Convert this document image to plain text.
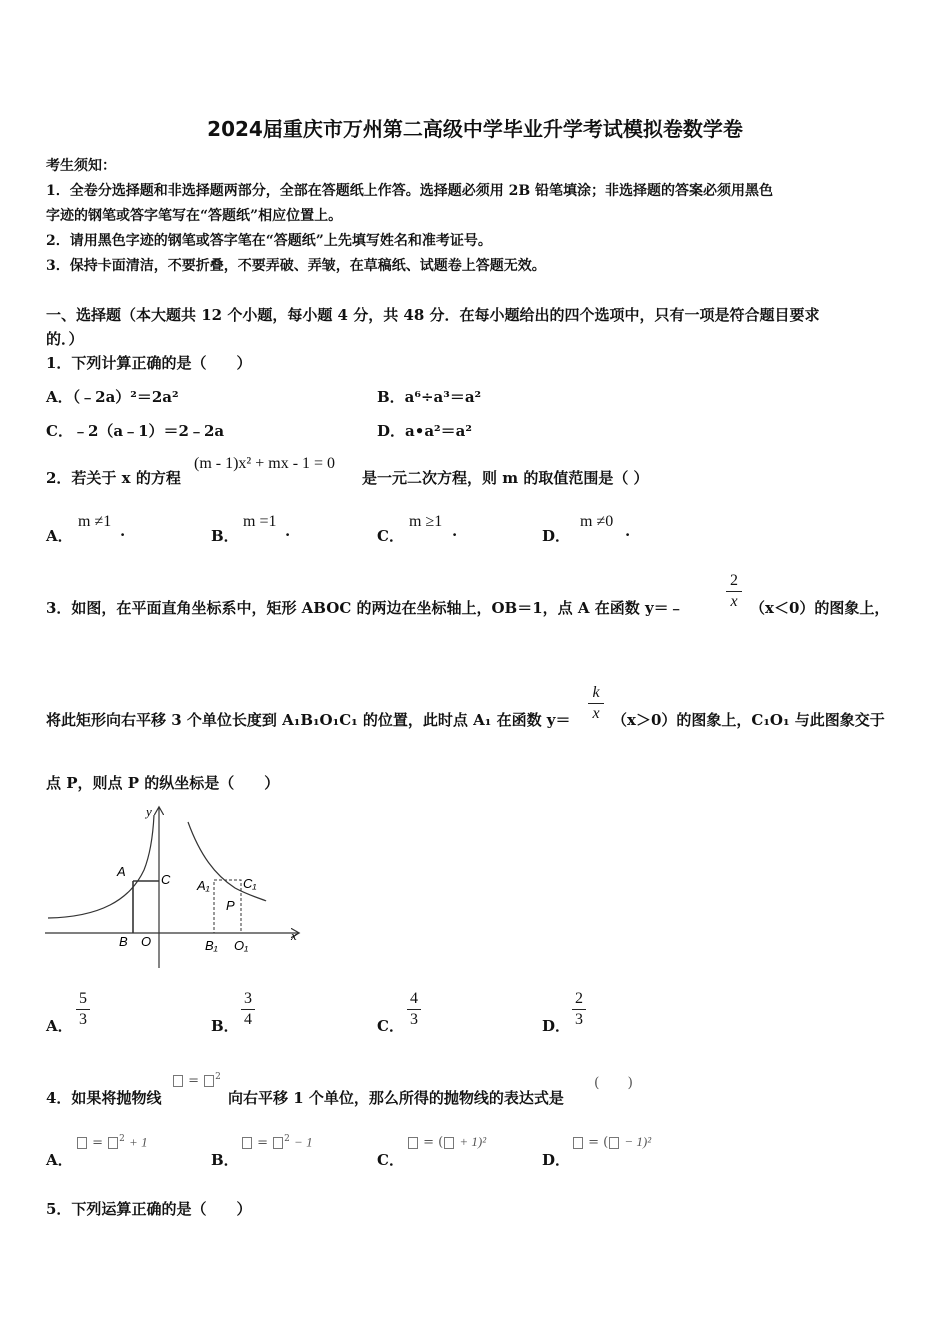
2024届重庆市万州第二高级中学毕业升学考试模拟卷数学卷
考生须知：
1．全卷分选择题和非选择题两部分，全部在答题纸上作答。选择题必须用 2B 铅笔填涂；非选择题的答案必须用黑色
字迹的钢笔或答字笔写在“答题纸”相应位置上。
2．请用黑色字迹的钢笔或答字笔在“答题纸”上先填写姓名和准考证号。
3．保持卡面清洁，不要折叠，不要弄破、弄皱，在草稿纸、试题卷上答题无效。
一、选择题（本大题共 12 个小题，每小题 4 分，共 48 分．在每小题给出的四个选项中，只有一项是符合题目要求
的．）
1．下列计算正确的是（　　）
A．（﹣2a）²＝2a²	B．a⁶÷a³＝a²
C．﹣2（a﹣1）＝2﹣2a	D．a•a²＝a²
2．若关于 x 的方程
(m - 1)x² + mx - 1 = 0
是一元二次方程，则 m 的取值范围是（ ）
A．
m ≠1
.	B．
m =1
.	C．
m ≥1
.	D．
m ≠0
.
3．如图，在平面直角坐标系中，矩形 ABOC 的两边在坐标轴上，OB＝1，点 A 在函数 y＝﹣
2
x （x＜0）的图象上，
将此矩形向右平移 3 个单位长度到 A₁B₁O₁C₁ 的位置，此时点 A₁ 在函数 y＝
k
x （x＞0）的图象上，C₁O₁ 与此图象交于
点 P，则点 P 的纵坐标是（　　）
y
x
A
C
B O
A₁	C₁
P
B₁ O₁
A．
5
3	B．
3
4	C．
4
3	D．
2
3
4．如果将抛物线
= $^2$
向右平移 1 个单位，那么所得的抛物线的表达式是
(　　)
A．
= $^2$ + 1
B．
= $^2$ − 1
C．
= ( + 1)²
D．
= ( − 1)²
5．下列运算正确的是（　　）
